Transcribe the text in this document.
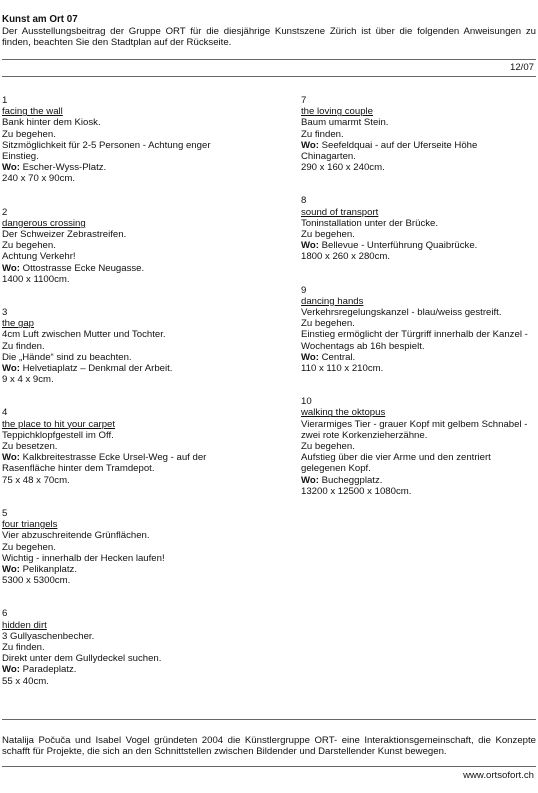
Kunst am Ort 07
Der Ausstellungsbeitrag der Gruppe ORT für die diesjährige Kunstszene Zürich ist über die folgenden Anweisungen zu finden, beachten Sie den Stadtplan auf der Rückseite.
12/07
1
facing the wall
Bank hinter dem Kiosk.
Zu begehen.
Sitzmöglichkeit für 2-5 Personen - Achtung enger Einstieg.
Wo: Escher-Wyss-Platz.
240 x 70 x 90cm.
2
dangerous crossing
Der Schweizer Zebrastreifen.
Zu begehen.
Achtung Verkehr!
Wo: Ottostrasse Ecke Neugasse.
1400 x 1100cm.
3
the gap
4cm Luft zwischen Mutter und Tochter.
Zu finden.
Die „Hände“ sind zu beachten.
Wo: Helvetiaplatz – Denkmal der Arbeit.
9 x 4 x 9cm.
4
the place to hit your carpet
Teppichklopfgestell im Off.
Zu besetzen.
Wo: Kalkbreitestrasse Ecke Ursel-Weg - auf der Rasenfläche hinter dem Tramdepot.
75 x 48 x 70cm.
5
four triangels
Vier abzuschreitende Grünflächen.
Zu begehen.
Wichtig - innerhalb der Hecken laufen!
Wo: Pelikanplatz.
5300 x 5300cm.
6
hidden dirt
3 Gullyaschenbecher.
Zu finden.
Direkt unter dem Gullydeckel suchen.
Wo: Paradeplatz.
55 x 40cm.
7
the loving couple
Baum umarmt Stein.
Zu finden.
Wo: Seefeldquai - auf der Uferseite Höhe Chinagarten.
290 x 160 x 240cm.
8
sound of transport
Toninstallation unter der Brücke.
Zu begehen.
Wo: Bellevue - Unterführung Quaibrücke.
1800 x 260 x 280cm.
9
dancing hands
Verkehrsregelungskanzel - blau/weiss gestreift.
Zu begehen.
Einstieg ermöglicht der Türgriff innerhalb der Kanzel - Wochentags ab 16h bespielt.
Wo: Central.
110 x 110 x 210cm.
10
walking the oktopus
Vierarmiges Tier - grauer Kopf mit gelbem Schnabel - zwei rote Korkenzieherzähne.
Zu begehen.
Aufstieg über die vier Arme und den zentriert gelegenen Kopf.
Wo: Bucheggplatz.
13200 x 12500 x 1080cm.
Natalija Počuča und Isabel Vogel gründeten 2004 die Künstlergruppe ORT- eine Interaktionsgemeinschaft, die Konzepte schafft für Projekte, die sich an den Schnittstellen zwischen Bildender und Darstellender Kunst bewegen.
www.ortsofort.ch
